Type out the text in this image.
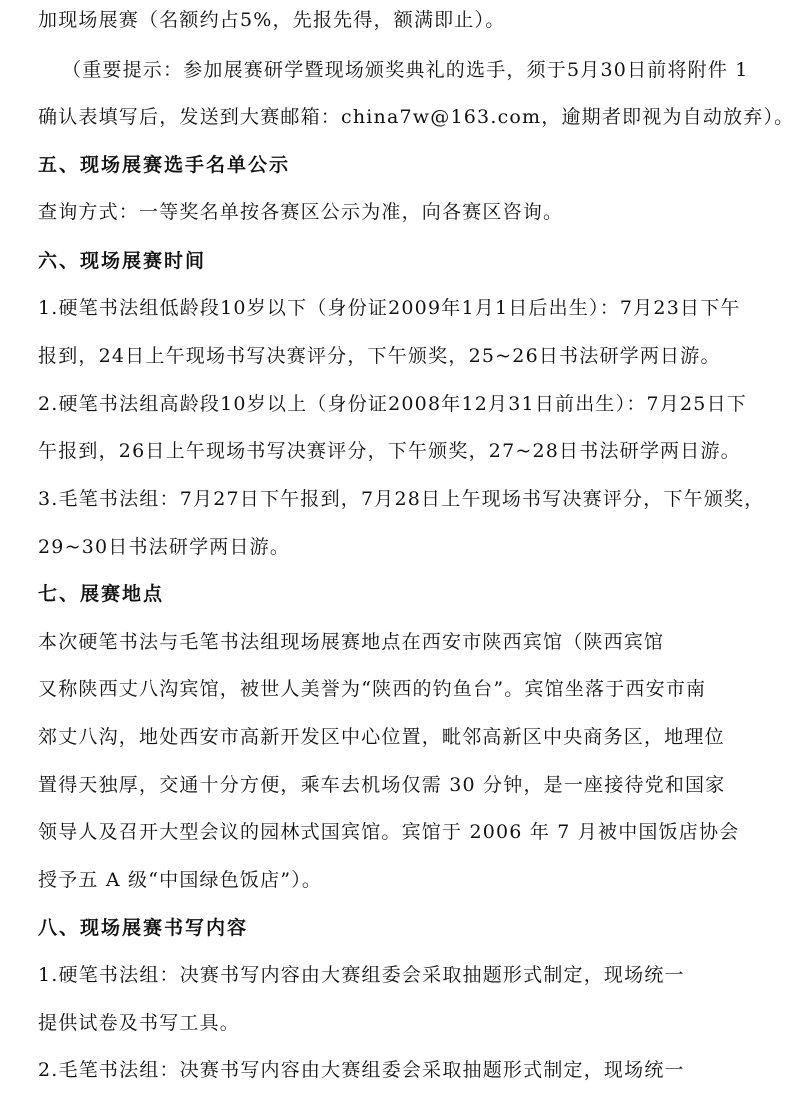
加现场展赛（名额约占5%，先报先得，额满即止）。
（重要提示：参加展赛研学暨现场颁奖典礼的选手，须于5月30日前将附件 1
确认表填写后，发送到大赛邮箱：china7w@163.com，逾期者即视为自动放弃）。
五、现场展赛选手名单公示
查询方式：一等奖名单按各赛区公示为准，向各赛区咨询。
六、现场展赛时间
1.硬笔书法组低龄段10岁以下（身份证2009年1月1日后出生）：7月23日下午
报到，24日上午现场书写决赛评分，下午颁奖，25~26日书法研学两日游。
2.硬笔书法组高龄段10岁以上（身份证2008年12月31日前出生）：7月25日下
午报到，26日上午现场书写决赛评分，下午颁奖，27~28日书法研学两日游。
3.毛笔书法组：7月27日下午报到，7月28日上午现场书写决赛评分，下午颁奖，
29~30日书法研学两日游。
七、展赛地点
本次硬笔书法与毛笔书法组现场展赛地点在西安市陕西宾馆（陕西宾馆
又称陕西丈八沟宾馆，被世人美誉为“陕西的钓鱼台”。宾馆坐落于西安市南
郊丈八沟，地处西安市高新开发区中心位置，毗邻高新区中央商务区，地理位
置得天独厚，交通十分方便，乘车去机场仅需 30 分钟，是一座接待党和国家
领导人及召开大型会议的园林式国宾馆。宾馆于 2006 年 7 月被中国饭店协会
授予五 A 级“中国绿色饭店”）。
八、现场展赛书写内容
1.硬笔书法组：决赛书写内容由大赛组委会采取抽题形式制定，现场统一
提供试卷及书写工具。
2.毛笔书法组：决赛书写内容由大赛组委会采取抽题形式制定，现场统一
